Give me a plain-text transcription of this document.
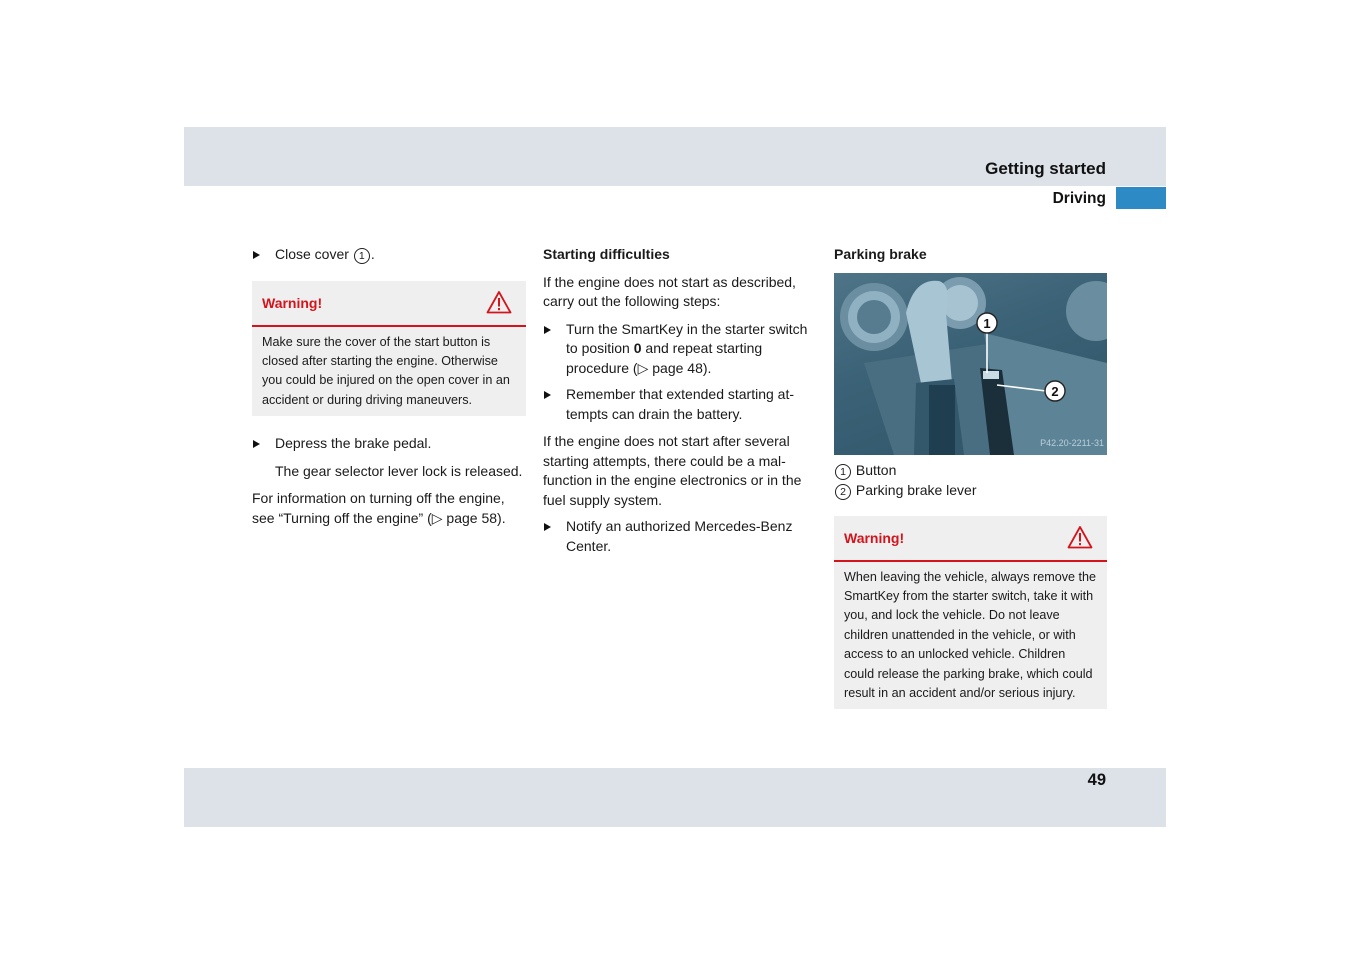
Getting started
Driving
49

Close cover 1 .

Warning!
Make sure the cover of the start button is closed after starting the engine. Otherwise you could be injured on the open cover in an accident or during driving maneuvers.

Depress the brake pedal.

The gear selector lever lock is released.

For information on turning off the engine, see “Turning off the engine” (▷ page 58).

Starting difficulties

If the engine does not start as described, carry out the following steps:

Turn the SmartKey in the starter switch to position 0 and repeat starting procedure (▷ page 48).

Remember that extended starting at-tempts can drain the battery.

If the engine does not start after several starting attempts, there could be a mal-function in the engine electronics or in the fuel supply system.

Notify an authorized Mercedes-Benz Center.

Parking brake

1
2
P42.20-2211-31
1 Button
2 Parking brake lever
Warning!
When leaving the vehicle, always remove the SmartKey from the starter switch, take it with you, and lock the vehicle. Do not leave children unattended in the vehicle, or with access to an unlocked vehicle. Children could release the parking brake, which could result in an accident and/or serious injury.
